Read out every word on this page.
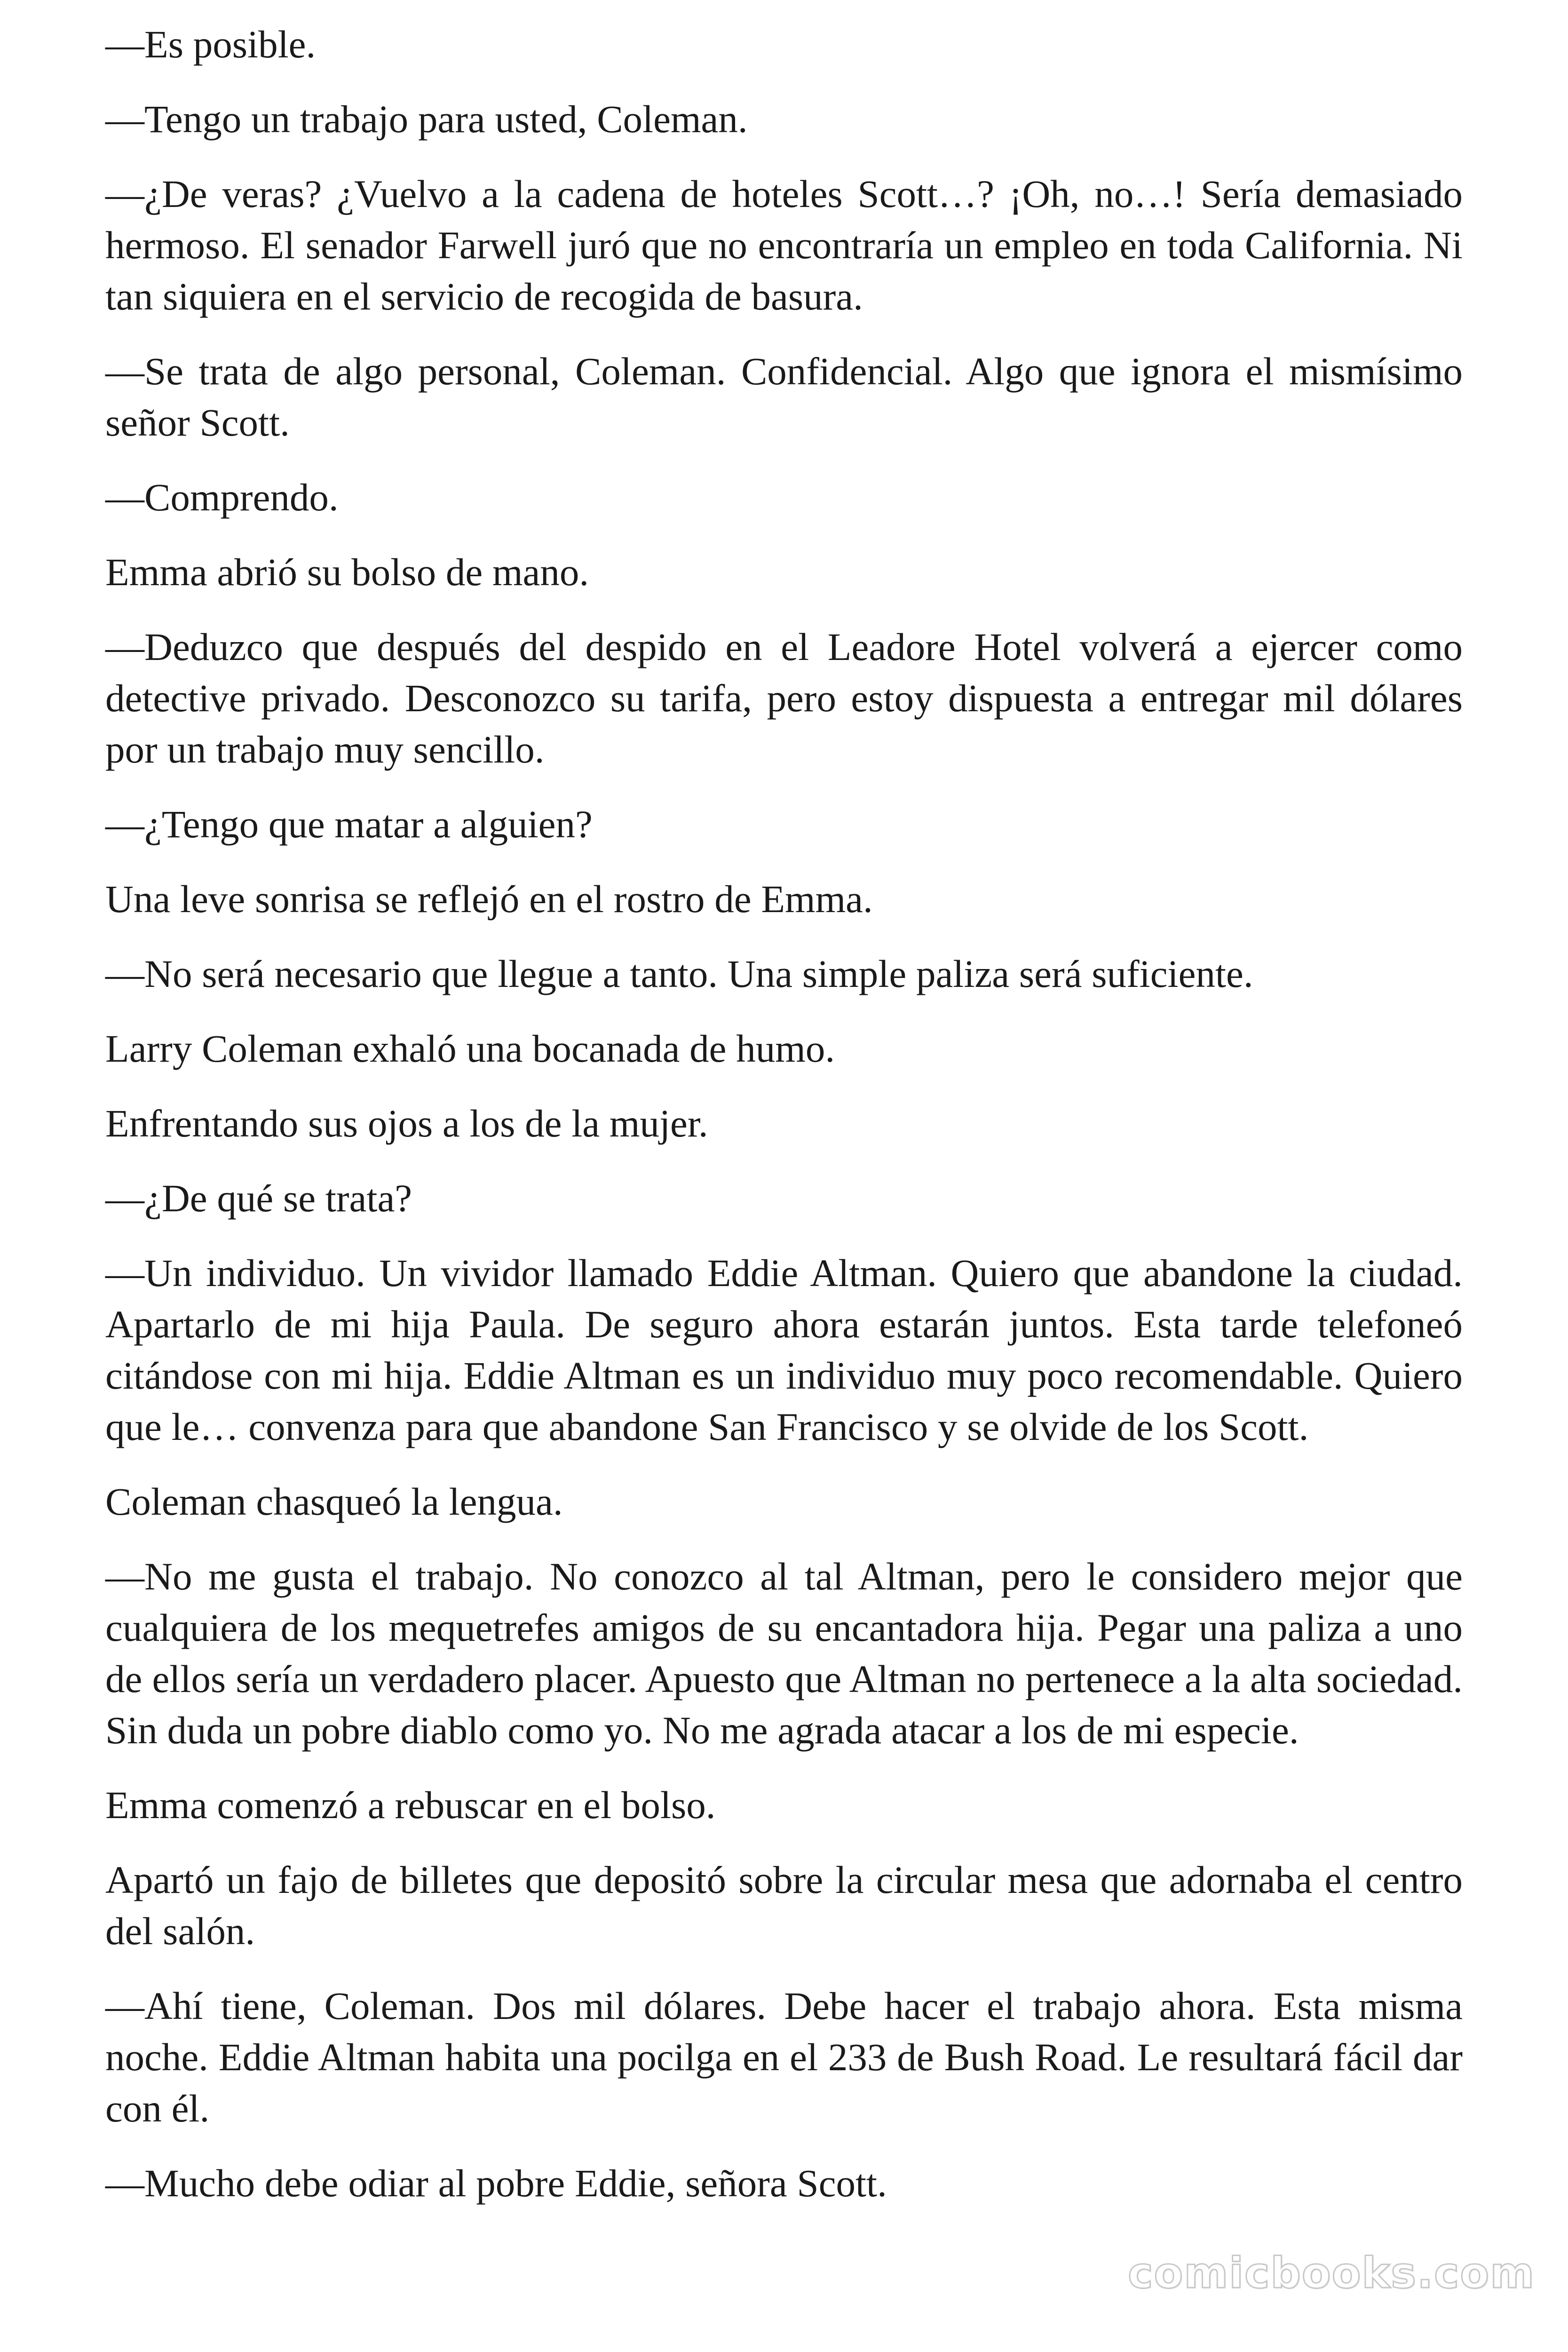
—Es posible.

—Tengo un trabajo para usted, Coleman.

—¿De veras? ¿Vuelvo a la cadena de hoteles Scott…? ¡Oh, no…! Sería demasiado hermoso. El senador Farwell juró que no encontraría un empleo en toda California. Ni tan siquiera en el servicio de recogida de basura.

—Se trata de algo personal, Coleman. Confidencial. Algo que ignora el mismísimo señor Scott.

—Comprendo.

Emma abrió su bolso de mano.

—Deduzco que después del despido en el Leadore Hotel volverá a ejercer como detective privado. Desconozco su tarifa, pero estoy dispuesta a entregar mil dólares por un trabajo muy sencillo.

—¿Tengo que matar a alguien?

Una leve sonrisa se reflejó en el rostro de Emma.

—No será necesario que llegue a tanto. Una simple paliza será suficiente.

Larry Coleman exhaló una bocanada de humo.

Enfrentando sus ojos a los de la mujer.

—¿De qué se trata?

—Un individuo. Un vividor llamado Eddie Altman. Quiero que abandone la ciudad. Apartarlo de mi hija Paula. De seguro ahora estarán juntos. Esta tarde telefoneó citándose con mi hija. Eddie Altman es un individuo muy poco recomendable. Quiero que le… convenza para que abandone San Francisco y se olvide de los Scott.

Coleman chasqueó la lengua.

—No me gusta el trabajo. No conozco al tal Altman, pero le considero mejor que cualquiera de los mequetrefes amigos de su encantadora hija. Pegar una paliza a uno de ellos sería un verdadero placer. Apuesto que Altman no pertenece a la alta sociedad. Sin duda un pobre diablo como yo. No me agrada atacar a los de mi especie.

Emma comenzó a rebuscar en el bolso.

Apartó un fajo de billetes que depositó sobre la circular mesa que adornaba el centro del salón.

—Ahí tiene, Coleman. Dos mil dólares. Debe hacer el trabajo ahora. Esta misma noche. Eddie Altman habita una pocilga en el 233 de Bush Road. Le resultará fácil dar con él.

—Mucho debe odiar al pobre Eddie, señora Scott.

comicbooks.com
